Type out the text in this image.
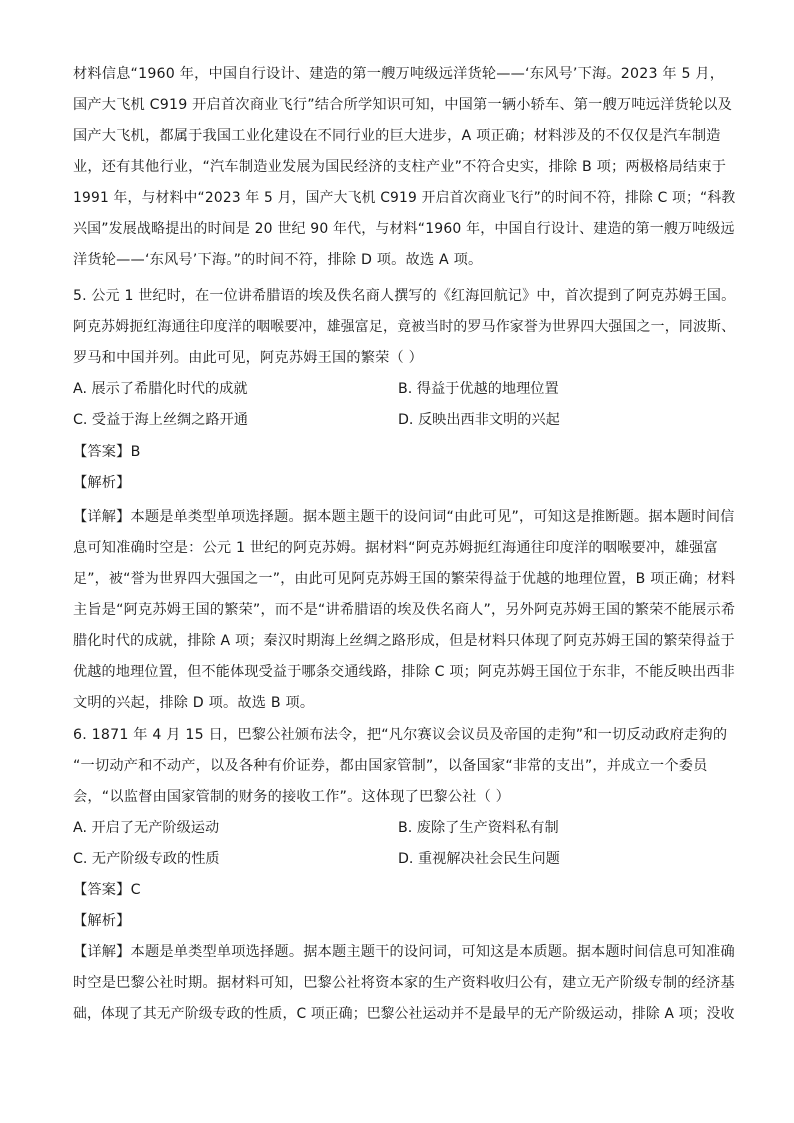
材料信息“1960 年，中国自行设计、建造的第一艘万吨级远洋货轮——‘东风号’下海。2023 年 5 月，
国产大飞机 C919 开启首次商业飞行”结合所学知识可知，中国第一辆小轿车、第一艘万吨远洋货轮以及
国产大飞机，都属于我国工业化建设在不同行业的巨大进步，A 项正确；材料涉及的不仅仅是汽车制造
业，还有其他行业，“汽车制造业发展为国民经济的支柱产业”不符合史实，排除 B 项；两极格局结束于
1991 年，与材料中“2023 年 5 月，国产大飞机 C919 开启首次商业飞行”的时间不符，排除 C 项；“科教
兴国”发展战略提出的时间是 20 世纪 90 年代，与材料“1960 年，中国自行设计、建造的第一艘万吨级远
洋货轮——‘东风号’下海。”的时间不符，排除 D 项。故选 A 项。
5. 公元 1 世纪时，在一位讲希腊语的埃及佚名商人撰写的《红海回航记》中，首次提到了阿克苏姆王国。
阿克苏姆扼红海通往印度洋的咽喉要冲，雄强富足，竟被当时的罗马作家誉为世界四大强国之一，同波斯、
罗马和中国并列。由此可见，阿克苏姆王国的繁荣（ ）
A. 展示了希腊化时代的成就	B. 得益于优越的地理位置
C. 受益于海上丝绸之路开通	D. 反映出西非文明的兴起
【答案】B
【解析】
【详解】本题是单类型单项选择题。据本题主题干的设问词“由此可见”，可知这是推断题。据本题时间信
息可知准确时空是：公元 1 世纪的阿克苏姆。据材料“阿克苏姆扼红海通往印度洋的咽喉要冲，雄强富
足”，被“誉为世界四大强国之一”，由此可见阿克苏姆王国的繁荣得益于优越的地理位置，B 项正确；材料
主旨是“阿克苏姆王国的繁荣”，而不是“讲希腊语的埃及佚名商人”，另外阿克苏姆王国的繁荣不能展示希
腊化时代的成就，排除 A 项；秦汉时期海上丝绸之路形成，但是材料只体现了阿克苏姆王国的繁荣得益于
优越的地理位置，但不能体现受益于哪条交通线路，排除 C 项；阿克苏姆王国位于东非，不能反映出西非
文明的兴起，排除 D 项。故选 B 项。
6. 1871 年 4 月 15 日，巴黎公社颁布法令，把“凡尔赛议会议员及帝国的走狗”和一切反动政府走狗的
“一切动产和不动产，以及各种有价证券，都由国家管制”，以备国家“非常的支出”，并成立一个委员
会，“以监督由国家管制的财务的接收工作”。这体现了巴黎公社（ ）
A. 开启了无产阶级运动	B. 废除了生产资料私有制
C. 无产阶级专政的性质	D. 重视解决社会民生问题
【答案】C
【解析】
【详解】本题是单类型单项选择题。据本题主题干的设问词，可知这是本质题。据本题时间信息可知准确
时空是巴黎公社时期。据材料可知，巴黎公社将资本家的生产资料收归公有，建立无产阶级专制的经济基
础，体现了其无产阶级专政的性质，C 项正确；巴黎公社运动并不是最早的无产阶级运动，排除 A 项；没收
